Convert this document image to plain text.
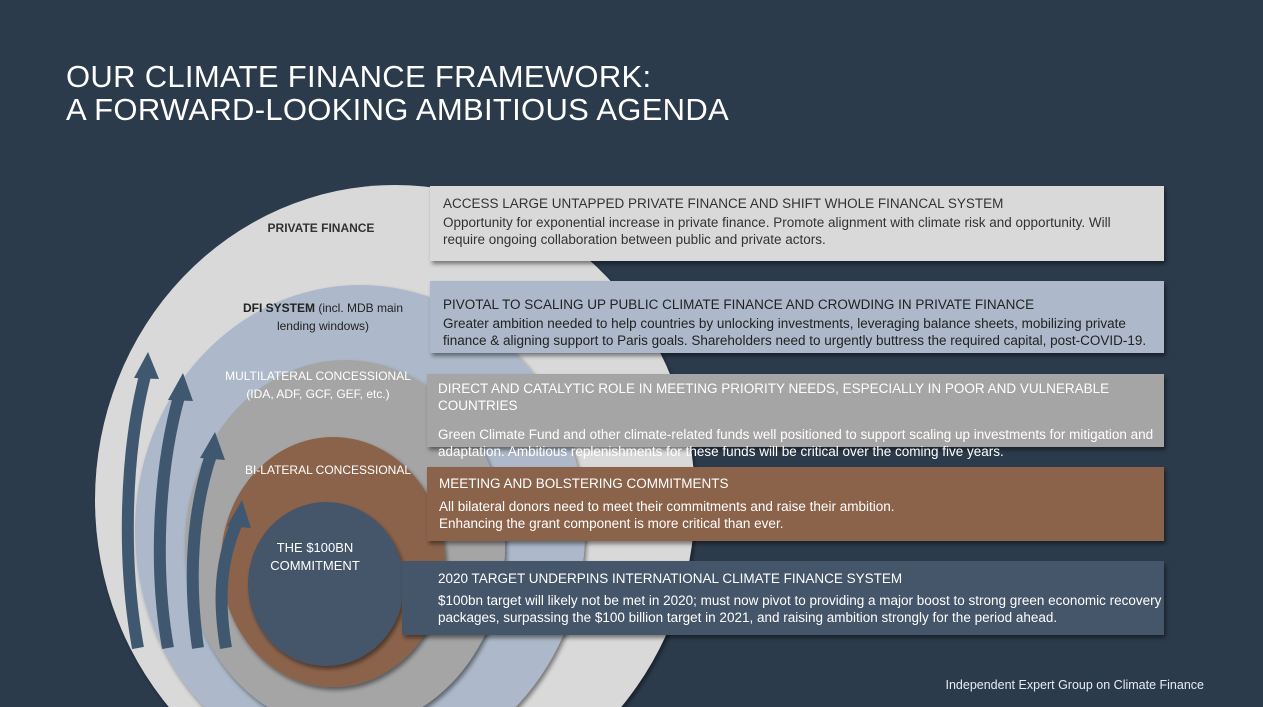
OUR CLIMATE FINANCE FRAMEWORK:
A FORWARD-LOOKING AMBITIOUS AGENDA
PRIVATE FINANCE
DFI SYSTEM (incl. MDB main lending windows)
MULTILATERAL CONCESSIONAL (IDA, ADF, GCF, GEF, etc.)
BI-LATERAL CONCESSIONAL
THE $100BN COMMITMENT
ACCESS LARGE UNTAPPED PRIVATE FINANCE AND SHIFT WHOLE FINANCAL SYSTEM
Opportunity for exponential increase in private finance. Promote alignment with climate risk and opportunity. Will require ongoing collaboration between public and private actors.
PIVOTAL TO SCALING UP PUBLIC CLIMATE FINANCE AND CROWDING IN PRIVATE FINANCE
Greater ambition needed to help countries by unlocking investments, leveraging balance sheets, mobilizing private finance & aligning support to Paris goals. Shareholders need to urgently buttress the required capital, post-COVID-19.
DIRECT AND CATALYTIC ROLE IN MEETING PRIORITY NEEDS, ESPECIALLY IN POOR AND VULNERABLE COUNTRIES
Green Climate Fund and other climate-related funds well positioned to support scaling up investments for mitigation and adaptation. Ambitious replenishments for these funds will be critical over the coming five years.
MEETING AND BOLSTERING COMMITMENTS
All bilateral donors need to meet their commitments and raise their ambition. Enhancing the grant component is more critical than ever.
2020 TARGET UNDERPINS INTERNATIONAL CLIMATE FINANCE SYSTEM
$100bn target will likely not be met in 2020; must now pivot to providing a major boost to strong green economic recovery packages, surpassing the $100 billion target in 2021, and raising ambition strongly for the period ahead.
Independent Expert Group on Climate Finance
